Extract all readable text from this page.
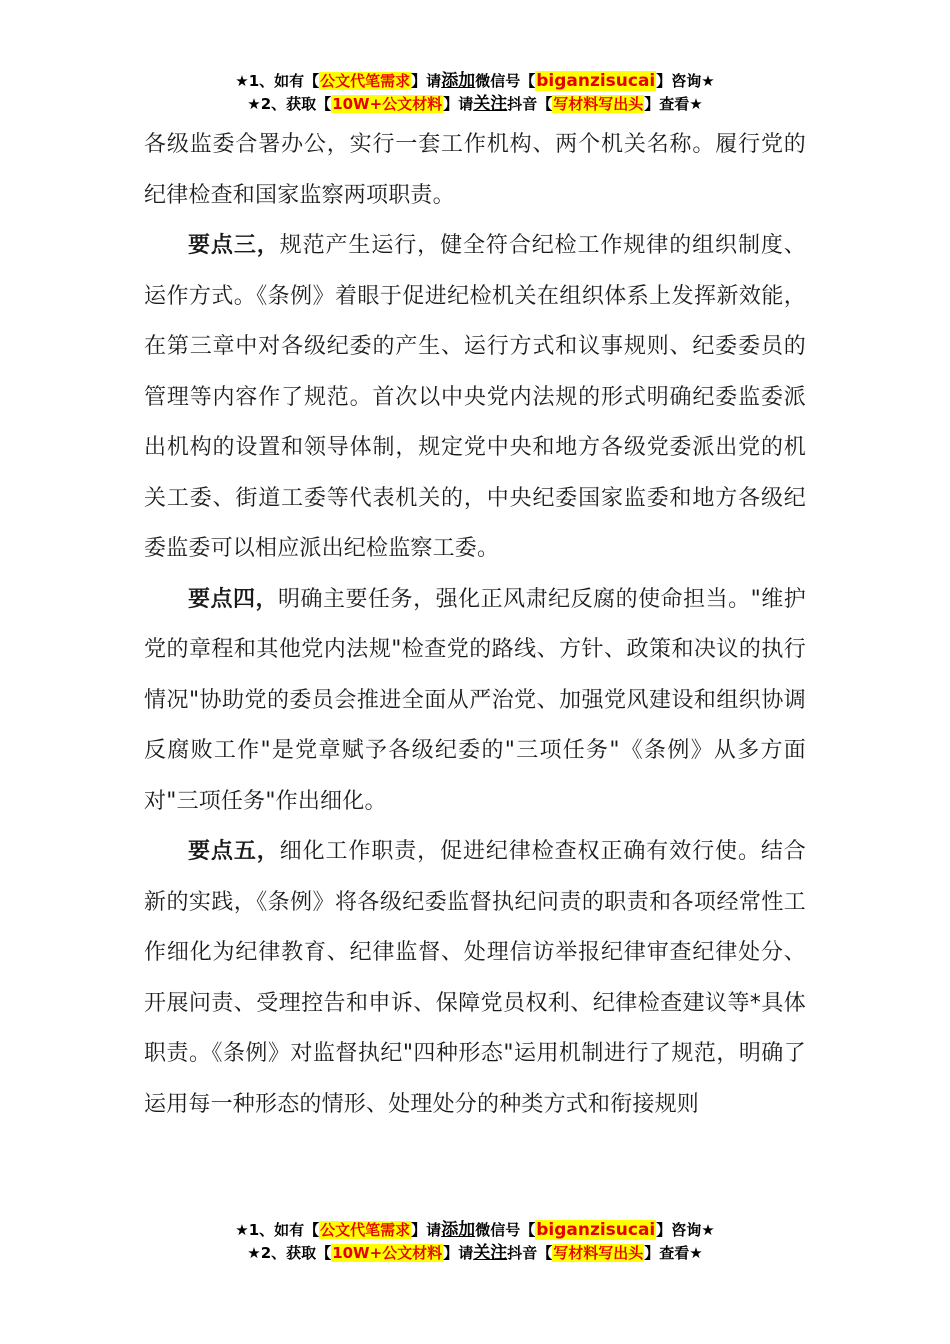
★1、如有【公文代笔需求】请添加微信号【biganzisucai】咨询★
★2、获取【10W+公文材料】请关注抖音【写材料写出头】查看★

各级监委合署办公，实行一套工作机构、两个机关名称。履行党的纪律检查和国家监察两项职责。

要点三，规范产生运行，健全符合纪检工作规律的组织制度、运作方式。《条例》着眼于促进纪检机关在组织体系上发挥新效能，在第三章中对各级纪委的产生、运行方式和议事规则、纪委委员的管理等内容作了规范。首次以中央党内法规的形式明确纪委监委派出机构的设置和领导体制，规定党中央和地方各级党委派出党的机关工委、街道工委等代表机关的，中央纪委国家监委和地方各级纪委监委可以相应派出纪检监察工委。

要点四，明确主要任务，强化正风肃纪反腐的使命担当。"维护党的章程和其他党内法规"检查党的路线、方针、政策和决议的执行情况"协助党的委员会推进全面从严治党、加强党风建设和组织协调反腐败工作"是党章赋予各级纪委的"三项任务"《条例》从多方面对"三项任务"作出细化。

要点五，细化工作职责，促进纪律检查权正确有效行使。结合新的实践，《条例》将各级纪委监督执纪问责的职责和各项经常性工作细化为纪律教育、纪律监督、处理信访举报纪律审查纪律处分、开展问责、受理控告和申诉、保障党员权利、纪律检查建议等*具体职责。《条例》对监督执纪"四种形态"运用机制进行了规范，明确了运用每一种形态的情形、处理处分的种类方式和衔接规则

★1、如有【公文代笔需求】请添加微信号【biganzisucai】咨询★
★2、获取【10W+公文材料】请关注抖音【写材料写出头】查看★
